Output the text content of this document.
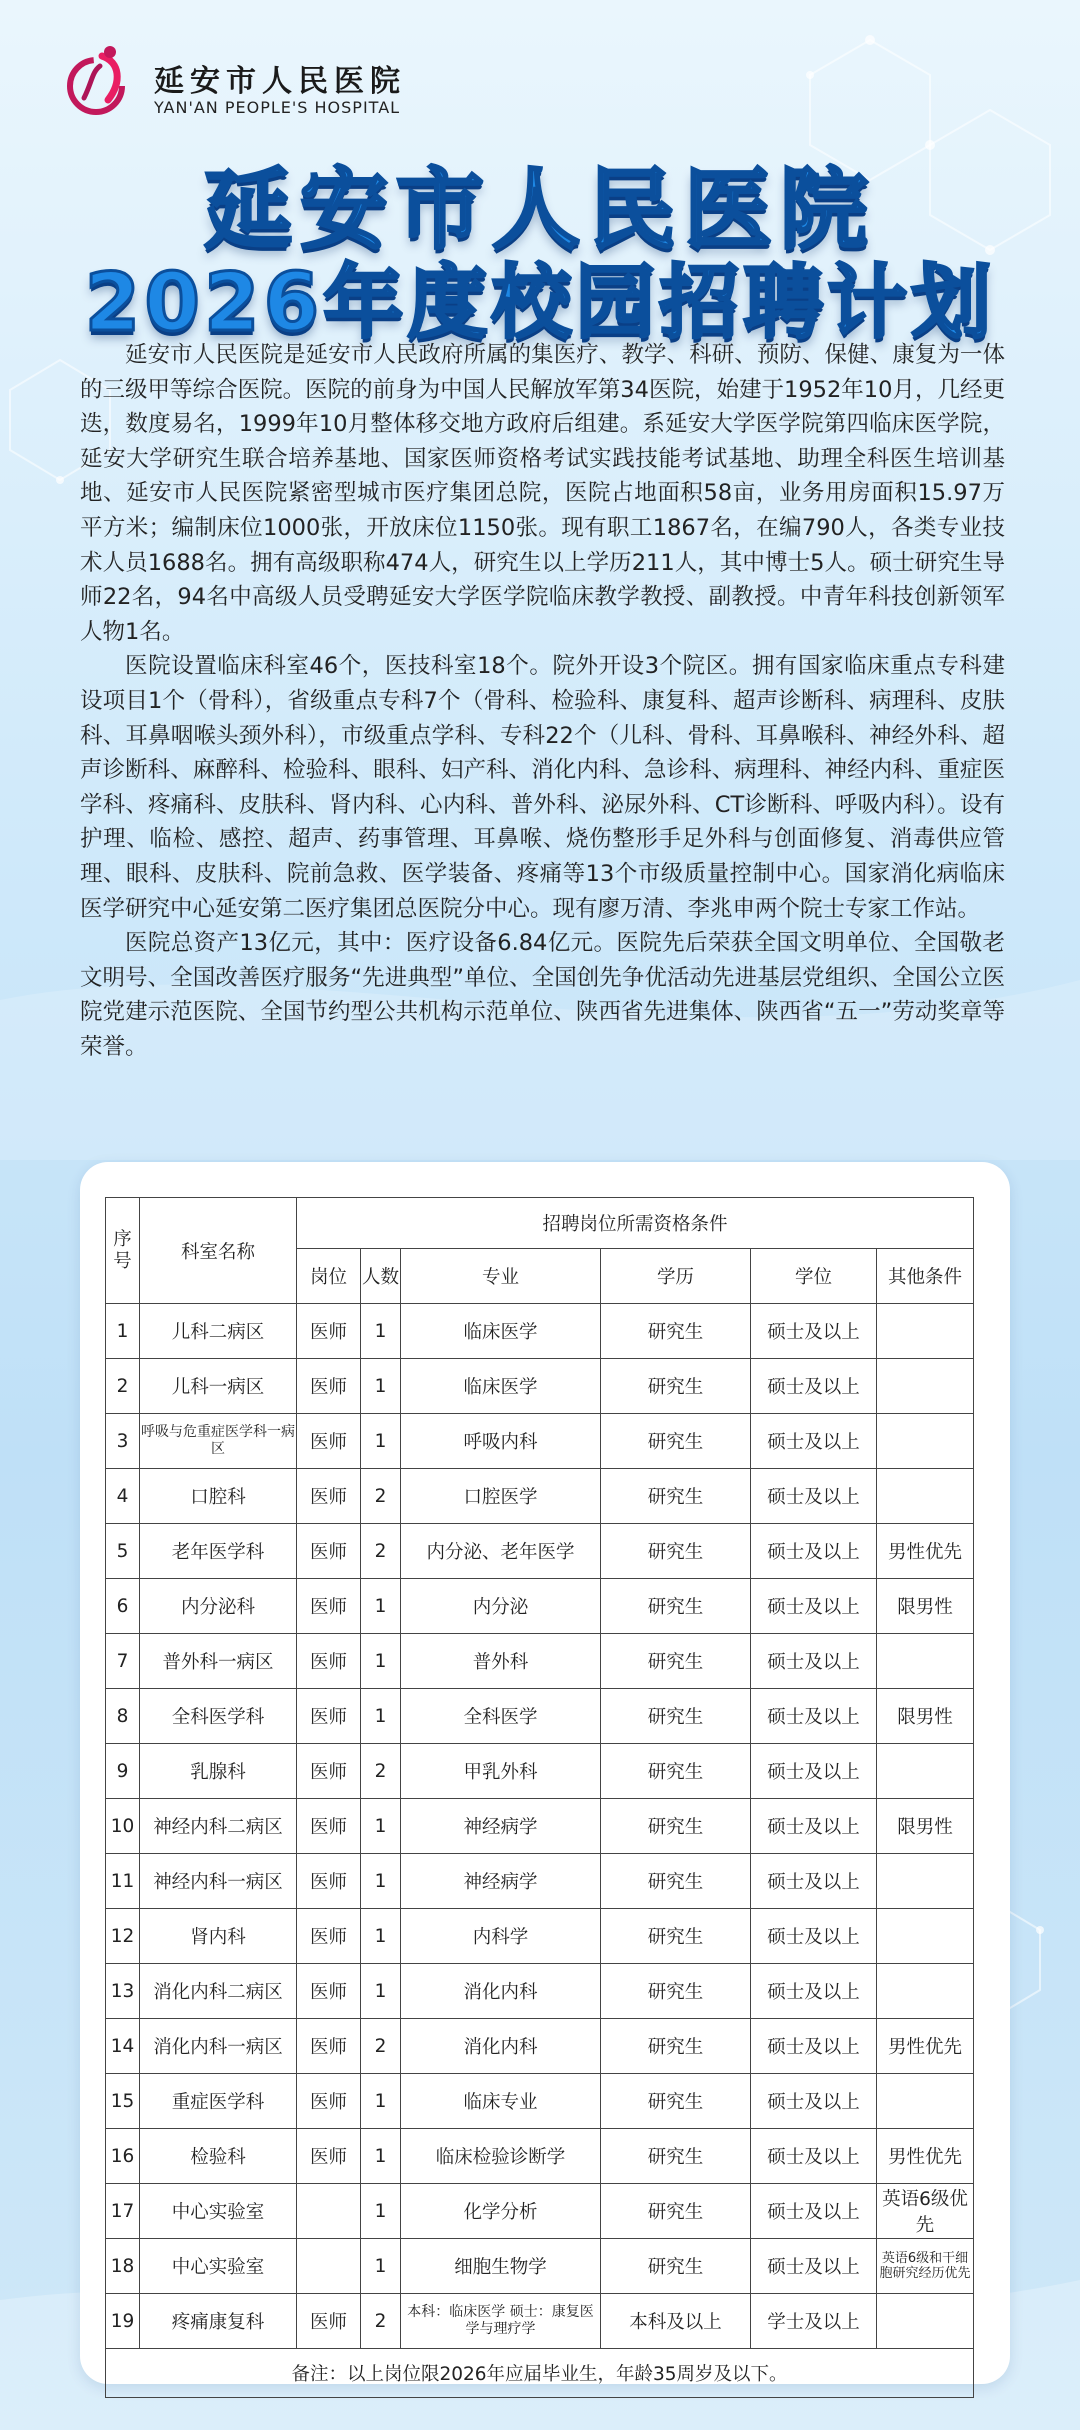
延安市人民医院
YAN'AN PEOPLE'S HOSPITAL
延安市人民医院
2026年度校园招聘计划

延安市人民医院是延安市人民政府所属的集医疗、教学、科研、预防、保健、康复为一体的三级甲等综合医院。医院的前身为中国人民解放军第34医院，始建于1952年10月，几经更迭，数度易名，1999年10月整体移交地方政府后组建。系延安大学医学院第四临床医学院，延安大学研究生联合培养基地、国家医师资格考试实践技能考试基地、助理全科医生培训基地、延安市人民医院紧密型城市医疗集团总院，医院占地面积58亩，业务用房面积15.97万平方米；编制床位1000张，开放床位1150张。现有职工1867名，在编790人，各类专业技术人员1688名。拥有高级职称474人，研究生以上学历211人，其中博士5人。硕士研究生导师22名，94名中高级人员受聘延安大学医学院临床教学教授、副教授。中青年科技创新领军人物1名。

医院设置临床科室46个，医技科室18个。院外开设3个院区。拥有国家临床重点专科建设项目1个（骨科），省级重点专科7个（骨科、检验科、康复科、超声诊断科、病理科、皮肤科、耳鼻咽喉头颈外科），市级重点学科、专科22个（儿科、骨科、耳鼻喉科、神经外科、超声诊断科、麻醉科、检验科、眼科、妇产科、消化内科、急诊科、病理科、神经内科、重症医学科、疼痛科、皮肤科、肾内科、心内科、普外科、泌尿外科、CT诊断科、呼吸内科）。设有护理、临检、感控、超声、药事管理、耳鼻喉、烧伤整形手足外科与创面修复、消毒供应管理、眼科、皮肤科、院前急救、医学装备、疼痛等13个市级质量控制中心。国家消化病临床医学研究中心延安第二医疗集团总医院分中心。现有廖万清、李兆申两个院士专家工作站。

医院总资产13亿元，其中：医疗设备6.84亿元。医院先后荣获全国文明单位、全国敬老文明号、全国改善医疗服务“先进典型”单位、全国创先争优活动先进基层党组织、全国公立医院党建示范医院、全国节约型公共机构示范单位、陕西省先进集体、陕西省“五一”劳动奖章等荣誉。

序号	科室名称	招聘岗位所需资格条件					
		岗位	人数	专业	学历	学位	其他条件
1	儿科二病区	医师	1	临床医学	研究生	硕士及以上	
2	儿科一病区	医师	1	临床医学	研究生	硕士及以上	
3	呼吸与危重症医学科一病区	医师	1	呼吸内科	研究生	硕士及以上	
4	口腔科	医师	2	口腔医学	研究生	硕士及以上	
5	老年医学科	医师	2	内分泌、老年医学	研究生	硕士及以上	男性优先
6	内分泌科	医师	1	内分泌	研究生	硕士及以上	限男性
7	普外科一病区	医师	1	普外科	研究生	硕士及以上	
8	全科医学科	医师	1	全科医学	研究生	硕士及以上	限男性
9	乳腺科	医师	2	甲乳外科	研究生	硕士及以上	
10	神经内科二病区	医师	1	神经病学	研究生	硕士及以上	限男性
11	神经内科一病区	医师	1	神经病学	研究生	硕士及以上	
12	肾内科	医师	1	内科学	研究生	硕士及以上	
13	消化内科二病区	医师	1	消化内科	研究生	硕士及以上	
14	消化内科一病区	医师	2	消化内科	研究生	硕士及以上	男性优先
15	重症医学科	医师	1	临床专业	研究生	硕士及以上	
16	检验科	医师	1	临床检验诊断学	研究生	硕士及以上	男性优先
17	中心实验室		1	化学分析	研究生	硕士及以上	英语6级优先
18	中心实验室		1	细胞生物学	研究生	硕士及以上	英语6级和干细胞研究经历优先
19	疼痛康复科	医师	2	本科：临床医学 硕士：康复医学与理疗学	本科及以上	学士及以上	
备注：以上岗位限2026年应届毕业生，年龄35周岁及以下。							
